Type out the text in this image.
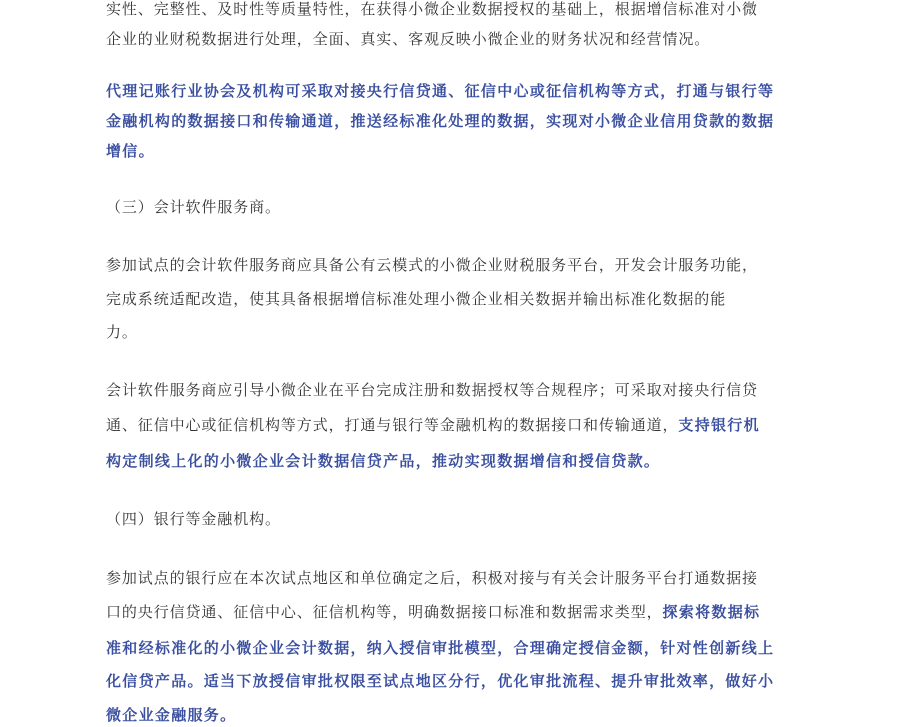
实性、完整性、及时性等质量特性，在获得小微企业数据授权的基础上，根据增信标准对小微
企业的业财税数据进行处理，全面、真实、客观反映小微企业的财务状况和经营情况。
代理记账行业协会及机构可采取对接央行信贷通、征信中心或征信机构等方式，打通与银行等
金融机构的数据接口和传输通道，推送经标准化处理的数据，实现对小微企业信用贷款的数据
增信。
（三）会计软件服务商。
参加试点的会计软件服务商应具备公有云模式的小微企业财税服务平台，开发会计服务功能，
完成系统适配改造，使其具备根据增信标准处理小微企业相关数据并输出标准化数据的能
力。
会计软件服务商应引导小微企业在平台完成注册和数据授权等合规程序；可采取对接央行信贷
通、征信中心或征信机构等方式，打通与银行等金融机构的数据接口和传输通道，支持银行机
构定制线上化的小微企业会计数据信贷产品，推动实现数据增信和授信贷款。
（四）银行等金融机构。
参加试点的银行应在本次试点地区和单位确定之后，积极对接与有关会计服务平台打通数据接
口的央行信贷通、征信中心、征信机构等，明确数据接口标准和数据需求类型，探索将数据标
准和经标准化的小微企业会计数据，纳入授信审批模型，合理确定授信金额，针对性创新线上
化信贷产品。适当下放授信审批权限至试点地区分行，优化审批流程、提升审批效率，做好小
微企业金融服务。
